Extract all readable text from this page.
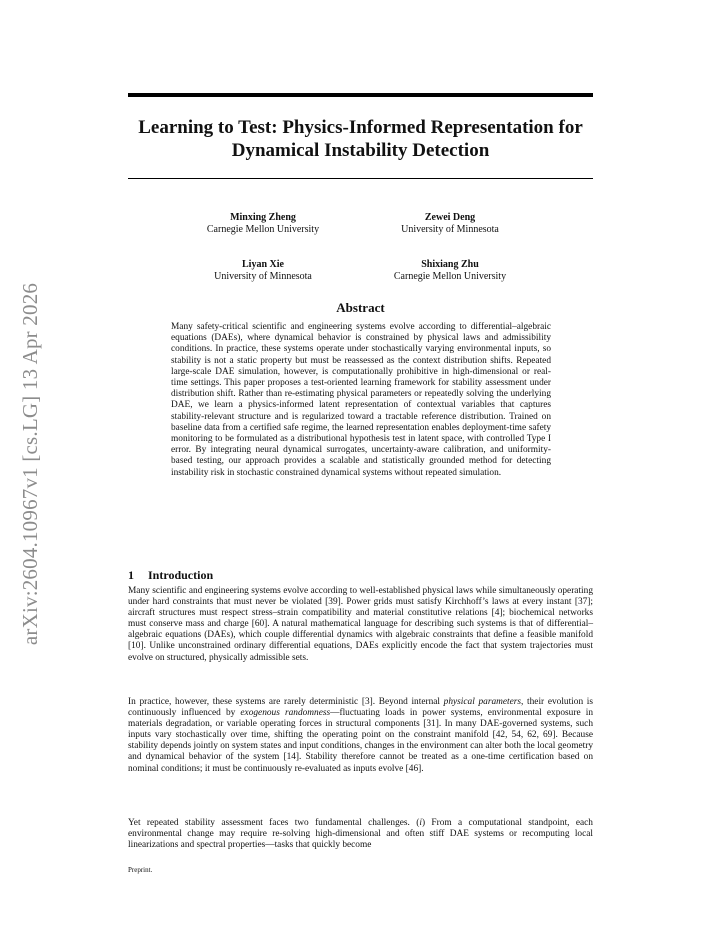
arXiv:2604.10967v1 [cs.LG] 13 Apr 2026
Learning to Test: Physics-Informed Representation for
Dynamical Instability Detection
Minxing Zheng
Carnegie Mellon University
Zewei Deng
University of Minnesota
Liyan Xie
University of Minnesota
Shixiang Zhu
Carnegie Mellon University
Abstract
Many safety-critical scientific and engineering systems evolve according to differential–algebraic equations (DAEs), where dynamical behavior is constrained by physical laws and admissibility conditions. In practice, these systems operate under stochastically varying environmental inputs, so stability is not a static property but must be reassessed as the context distribution shifts. Repeated large-scale DAE simulation, however, is computationally prohibitive in high-dimensional or real-time settings. This paper proposes a test-oriented learning framework for stability assessment under distribution shift. Rather than re-estimating physical parameters or repeatedly solving the underlying DAE, we learn a physics-informed latent representation of contextual variables that captures stability-relevant structure and is regularized toward a tractable reference distribution. Trained on baseline data from a certified safe regime, the learned representation enables deployment-time safety monitoring to be formulated as a distributional hypothesis test in latent space, with controlled Type I error. By integrating neural dynamical surrogates, uncertainty-aware calibration, and uniformity-based testing, our approach provides a scalable and statistically grounded method for detecting instability risk in stochastic constrained dynamical systems without repeated simulation.
1 Introduction
Many scientific and engineering systems evolve according to well-established physical laws while simultaneously operating under hard constraints that must never be violated [39]. Power grids must satisfy Kirchhoff’s laws at every instant [37]; aircraft structures must respect stress–strain compatibility and material constitutive relations [4]; biochemical networks must conserve mass and charge [60]. A natural mathematical language for describing such systems is that of differential–algebraic equations (DAEs), which couple differential dynamics with algebraic constraints that define a feasible manifold [10]. Unlike unconstrained ordinary differential equations, DAEs explicitly encode the fact that system trajectories must evolve on structured, physically admissible sets.
In practice, however, these systems are rarely deterministic [3]. Beyond internal physical parameters, their evolution is continuously influenced by exogenous randomness—fluctuating loads in power systems, environmental exposure in materials degradation, or variable operating forces in structural components [31]. In many DAE-governed systems, such inputs vary stochastically over time, shifting the operating point on the constraint manifold [42, 54, 62, 69]. Because stability depends jointly on system states and input conditions, changes in the environment can alter both the local geometry and dynamical behavior of the system [14]. Stability therefore cannot be treated as a one-time certification based on nominal conditions; it must be continuously re-evaluated as inputs evolve [46].
Yet repeated stability assessment faces two fundamental challenges. (i) From a computational standpoint, each environmental change may require re-solving high-dimensional and often stiff DAE systems or recomputing local linearizations and spectral properties—tasks that quickly become
Preprint.
